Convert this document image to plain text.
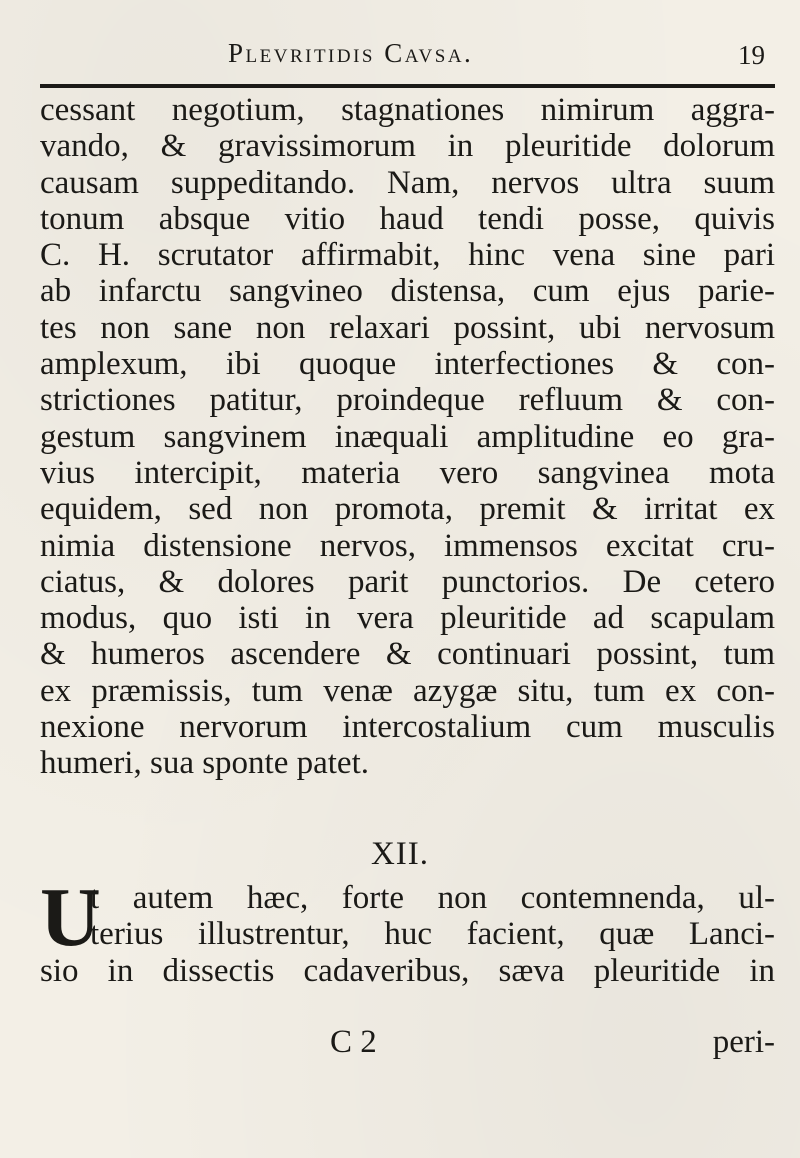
Plevritidis Cavsa.	19
cessant negotium, stagnationes nimirum aggra-
vando, & gravissimorum in pleuritide dolorum
causam suppeditando. Nam, nervos ultra suum
tonum absque vitio haud tendi posse, quivis
C. H. scrutator affirmabit, hinc vena sine pari
ab infarctu sangvineo distensa, cum ejus parie-
tes non sane non relaxari possint, ubi nervosum
amplexum, ibi quoque interfectiones & con-
strictiones patitur, proindeque refluum & con-
gestum sangvinem inæquali amplitudine eo gra-
vius intercipit, materia vero sangvinea mota
equidem, sed non promota, premit & irritat ex
nimia distensione nervos, immensos excitat cru-
ciatus, & dolores parit punctorios. De cetero
modus, quo isti in vera pleuritide ad scapulam
& humeros ascendere & continuari possint, tum
ex præmissis, tum venæ azygæ situ, tum ex con-
nexione nervorum intercostalium cum musculis
humeri, sua sponte patet.
XII.
U
t autem hæc, forte non contemnenda, ul-
terius illustrentur, huc facient, quæ Lanci-
sio in dissectis cadaveribus, sæva pleuritide in
C 2	peri-
